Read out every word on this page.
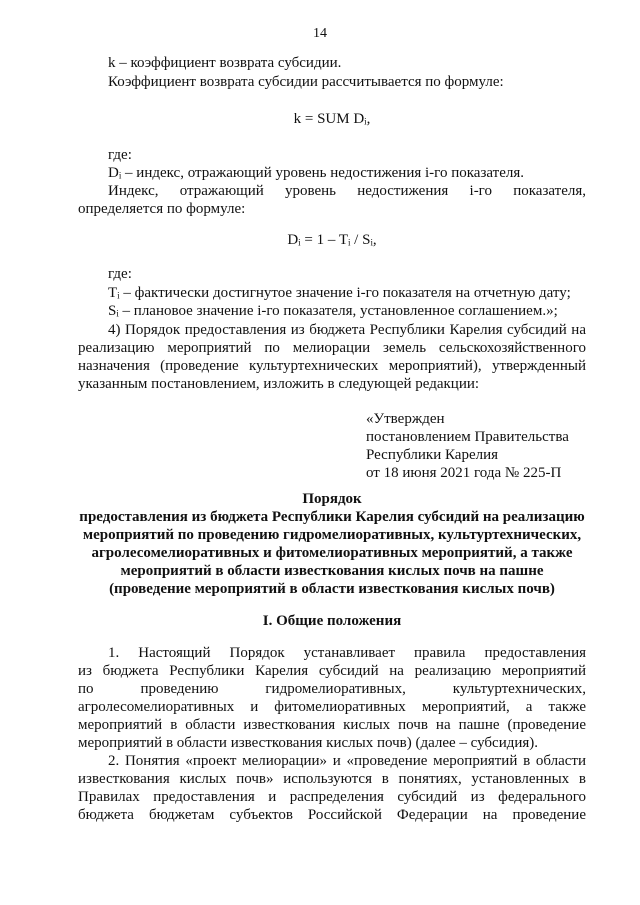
14
k – коэффициент возврата субсидии.
Коэффициент возврата субсидии рассчитывается по формуле:
k = SUM Dᵢ,
где:
Dᵢ – индекс, отражающий уровень недостижения i-го показателя.
Индекс, отражающий уровень недостижения i-го показателя,
определяется по формуле:
Dᵢ = 1 – Tᵢ / Sᵢ,
где:
Tᵢ – фактически достигнутое значение i-го показателя на отчетную дату;
Sᵢ – плановое значение i-го показателя, установленное соглашением.»;
4) Порядок предоставления из бюджета Республики Карелия субсидий на
реализацию мероприятий по мелиорации земель сельскохозяйственного
назначения (проведение культуртехнических мероприятий), утвержденный
указанным постановлением, изложить в следующей редакции:
«Утвержден
постановлением Правительства
Республики Карелия
от 18 июня 2021 года № 225-П
Порядок
предоставления из бюджета Республики Карелия субсидий на реализацию
мероприятий по проведению гидромелиоративных, культуртехнических,
агролесомелиоративных и фитомелиоративных мероприятий, а также
мероприятий в области известкования кислых почв на пашне
(проведение мероприятий в области известкования кислых почв)
I. Общие положения
1. Настоящий Порядок устанавливает правила предоставления
из бюджета Республики Карелия субсидий на реализацию мероприятий
по проведению гидромелиоративных, культуртехнических,
агролесомелиоративных и фитомелиоративных мероприятий, а также
мероприятий в области известкования кислых почв на пашне (проведение
мероприятий в области известкования кислых почв) (далее – субсидия).
2. Понятия «проект мелиорации» и «проведение мероприятий в области
известкования кислых почв» используются в понятиях, установленных в
Правилах предоставления и распределения субсидий из федерального
бюджета бюджетам субъектов Российской Федерации на проведение
